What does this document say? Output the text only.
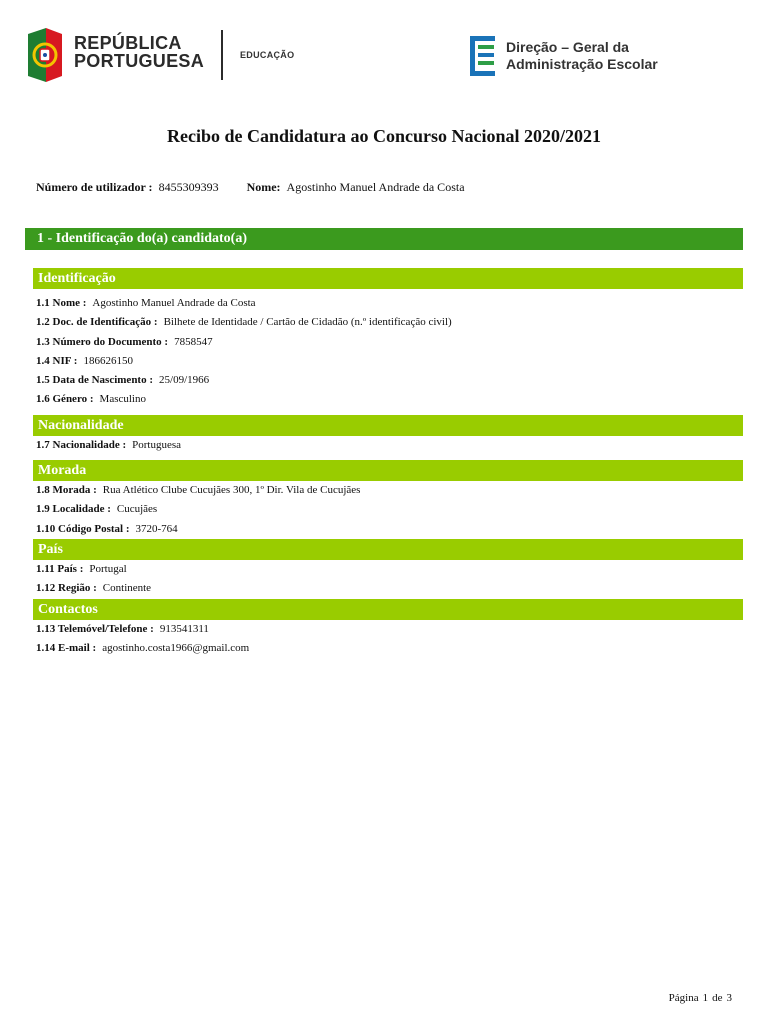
REPÚBLICA
PORTUGUESA	EDUCAÇÃO	Direção – Geral da
Administração Escolar
Recibo de Candidatura ao Concurso Nacional 2020/2021
Número de utilizador : 8455309393 Nome: Agostinho Manuel Andrade da Costa
1 - Identificação do(a) candidato(a)
Identificação
1.1 Nome : Agostinho Manuel Andrade da Costa
1.2 Doc. de Identificação : Bilhete de Identidade / Cartão de Cidadão (n.º identificação civil)
1.3 Número do Documento : 7858547
1.4 NIF : 186626150
1.5 Data de Nascimento : 25/09/1966
1.6 Género : Masculino
Nacionalidade
1.7 Nacionalidade : Portuguesa
Morada
1.8 Morada : Rua Atlético Clube Cucujães 300, 1º Dir. Vila de Cucujães
1.9 Localidade : Cucujães
1.10 Código Postal : 3720-764
País
1.11 País : Portugal
1.12 Região : Continente
Contactos
1.13 Telemóvel/Telefone : 913541311
1.14 E-mail : agostinho.costa1966@gmail.com
Página 1 de 3
